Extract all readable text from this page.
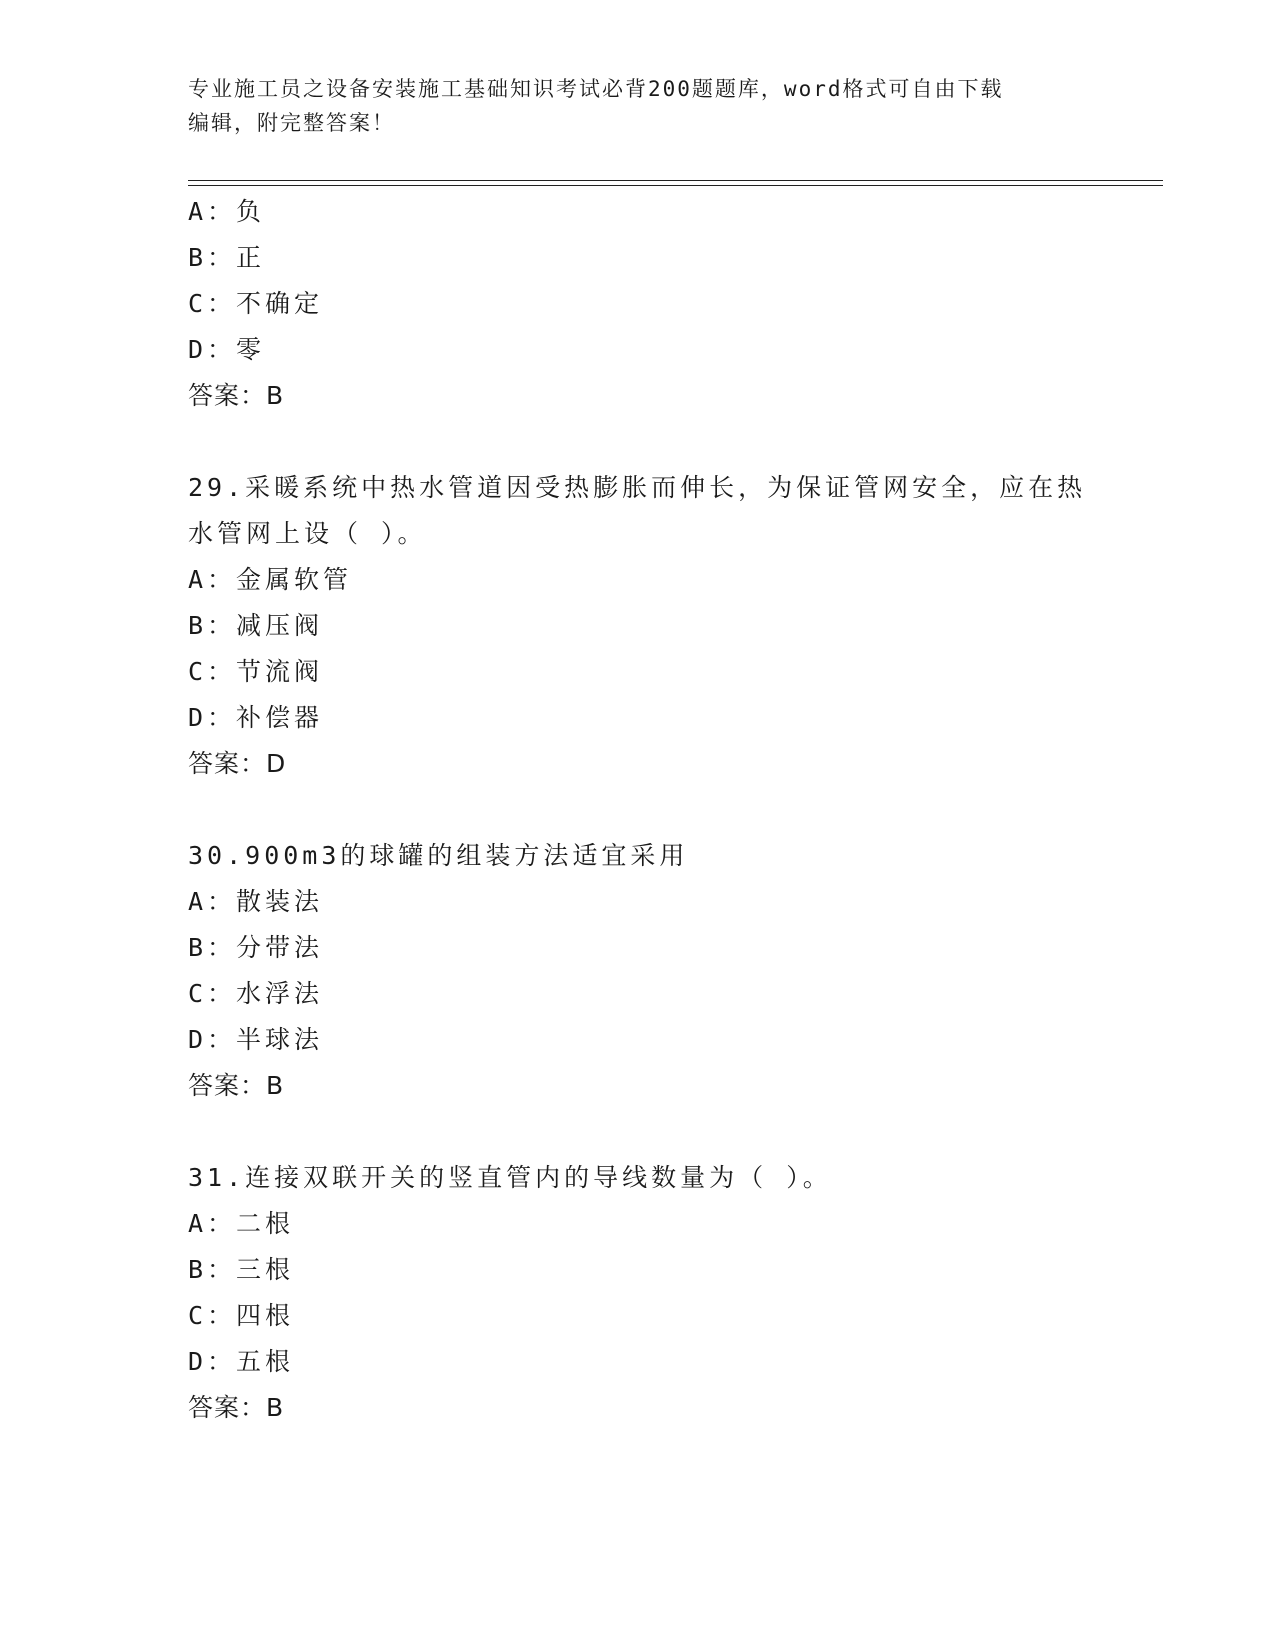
专业施工员之设备安装施工基础知识考试必背200题题库，word格式可自由下载
编辑，附完整答案！
A：负
B：正
C：不确定
D：零
答案：B
29.采暖系统中热水管道因受热膨胀而伸长，为保证管网安全，应在热
水管网上设（ ）。
A：金属软管
B：减压阀
C：节流阀
D：补偿器
答案：D
30.900m3的球罐的组装方法适宜采用
A：散装法
B：分带法
C：水浮法
D：半球法
答案：B
31.连接双联开关的竖直管内的导线数量为（ ）。
A：二根
B：三根
C：四根
D：五根
答案：B
